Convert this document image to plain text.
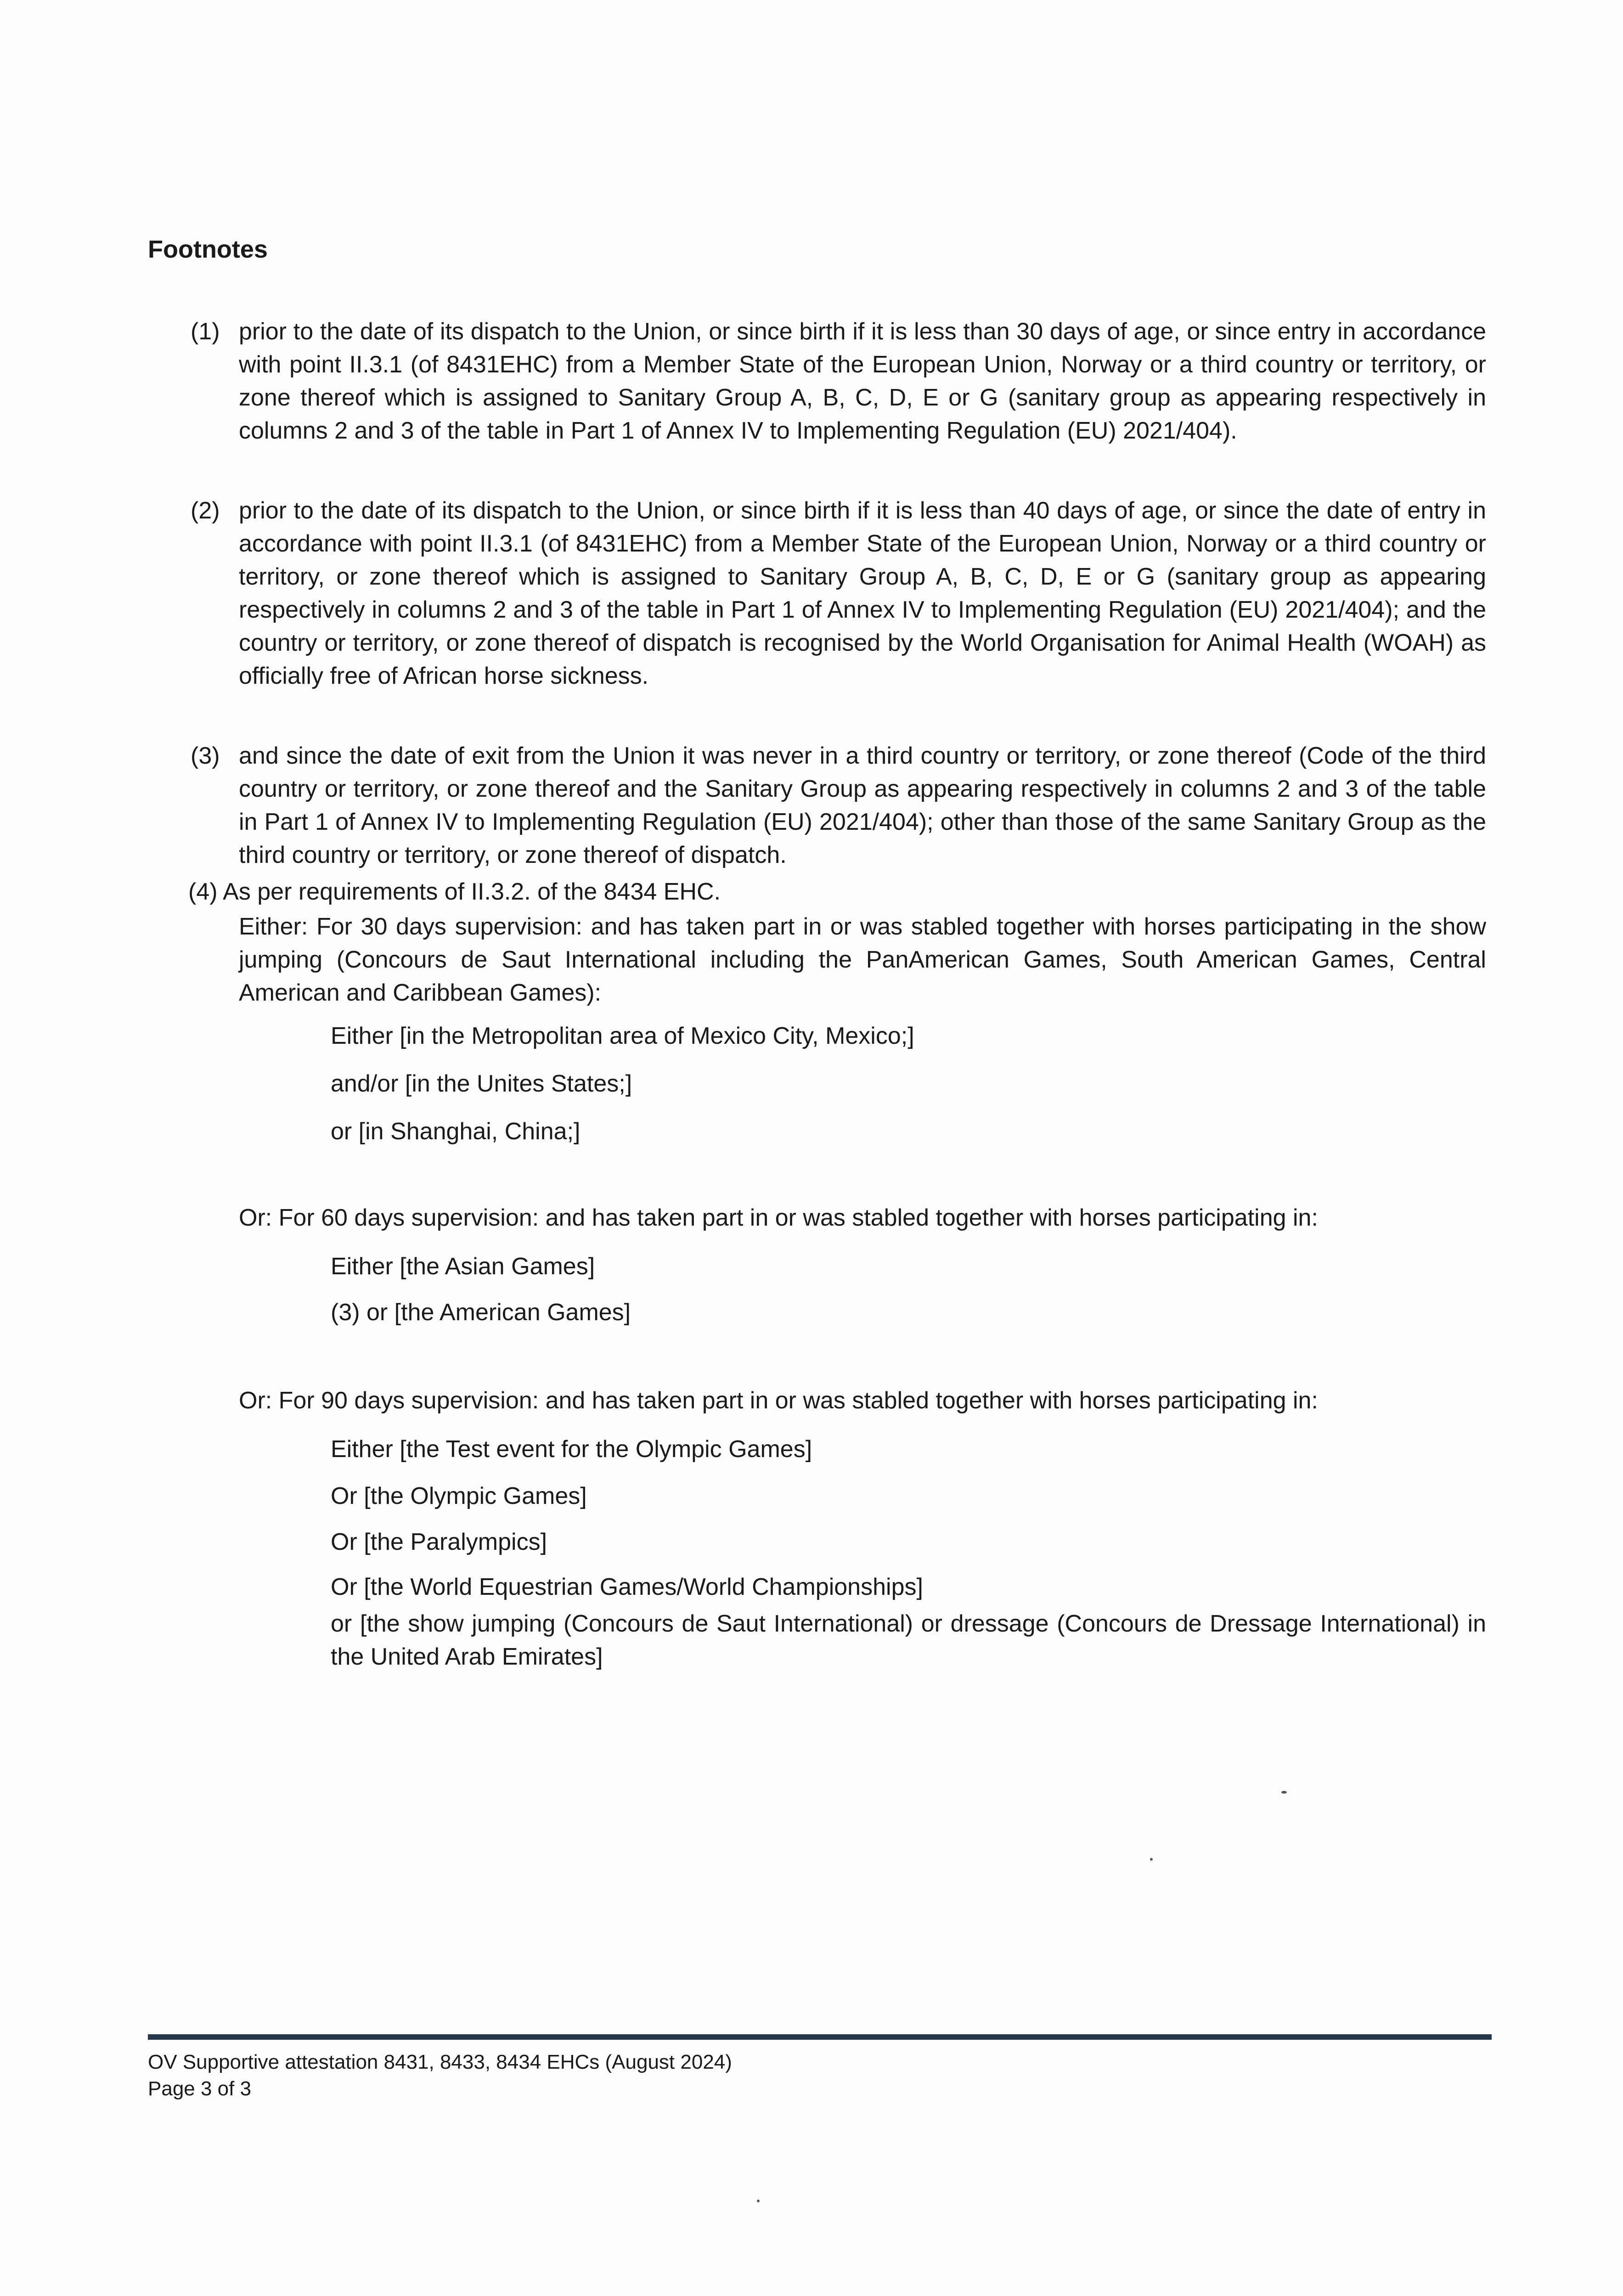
Footnotes
(1) prior to the date of its dispatch to the Union, or since birth if it is less than 30 days of age, or since entry in accordance with point II.3.1 (of 8431EHC) from a Member State of the European Union, Norway or a third country or territory, or zone thereof which is assigned to Sanitary Group A, B, C, D, E or G (sanitary group as appearing respectively in columns 2 and 3 of the table in Part 1 of Annex IV to Implementing Regulation (EU) 2021/404).

(2) prior to the date of its dispatch to the Union, or since birth if it is less than 40 days of age, or since the date of entry in accordance with point II.3.1 (of 8431EHC) from a Member State of the European Union, Norway or a third country or territory, or zone thereof which is assigned to Sanitary Group A, B, C, D, E or G (sanitary group as appearing respectively in columns 2 and 3 of the table in Part 1 of Annex IV to Implementing Regulation (EU) 2021/404); and the country or territory, or zone thereof of dispatch is recognised by the World Organisation for Animal Health (WOAH) as officially free of African horse sickness.

(3) and since the date of exit from the Union it was never in a third country or territory, or zone thereof (Code of the third country or territory, or zone thereof and the Sanitary Group as appearing respectively in columns 2 and 3 of the table in Part 1 of Annex IV to Implementing Regulation (EU) 2021/404); other than those of the same Sanitary Group as the third country or territory, or zone thereof of dispatch.

(4) As per requirements of II.3.2. of the 8434 EHC.
Either: For 30 days supervision: and has taken part in or was stabled together with horses participating in the show jumping (Concours de Saut International including the PanAmerican Games, South American Games, Central American and Caribbean Games):
Either [in the Metropolitan area of Mexico City, Mexico;]
and/or [in the Unites States;]
or [in Shanghai, China;]
Or: For 60 days supervision: and has taken part in or was stabled together with horses participating in:
Either [the Asian Games]
(3) or [the American Games]
Or: For 90 days supervision: and has taken part in or was stabled together with horses participating in:
Either [the Test event for the Olympic Games]
Or [the Olympic Games]
Or [the Paralympics]
Or [the World Equestrian Games/World Championships]
or [the show jumping (Concours de Saut International) or dressage (Concours de Dressage International) in the United Arab Emirates]
OV Supportive attestation 8431, 8433, 8434 EHCs (August 2024)
Page 3 of 3
